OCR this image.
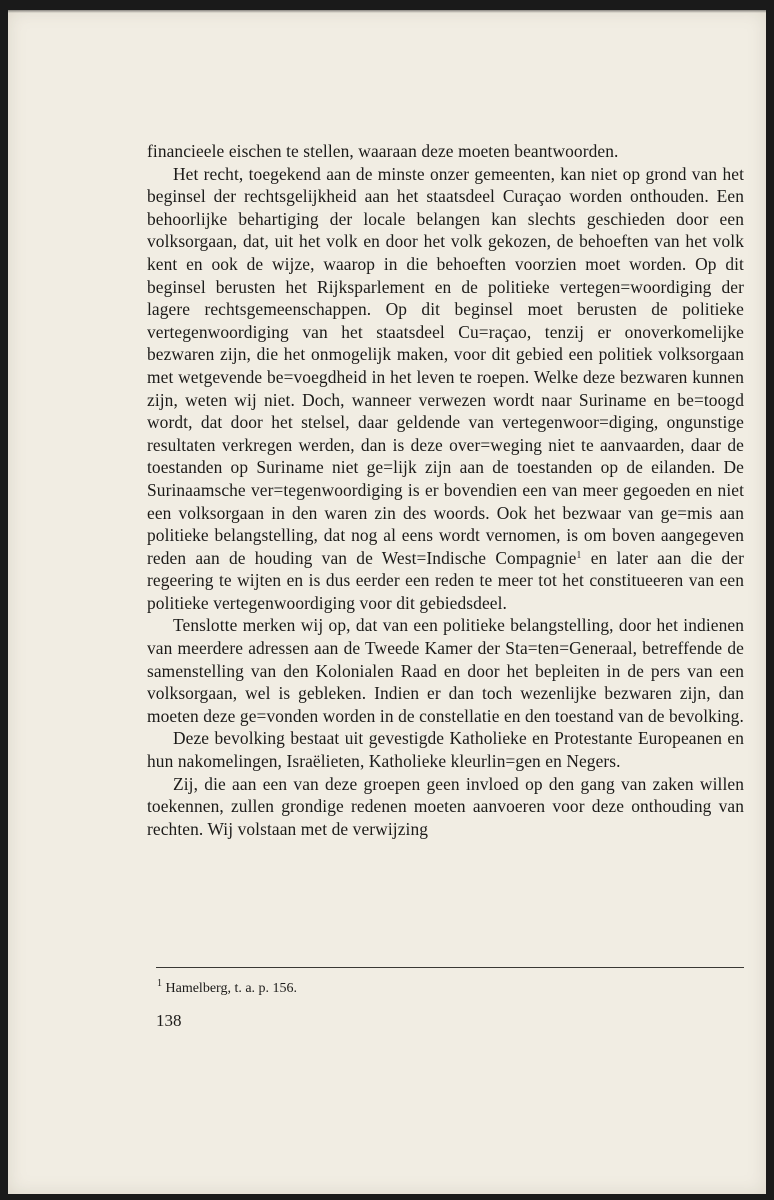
financieele eischen te stellen, waaraan deze moeten beantwoorden.

Het recht, toegekend aan de minste onzer gemeenten, kan niet op grond van het beginsel der rechtsgelijkheid aan het staatsdeel Curaçao worden onthouden. Een behoorlijke behartiging der locale belangen kan slechts geschieden door een volksorgaan, dat, uit het volk en door het volk gekozen, de behoeften van het volk kent en ook de wijze, waarop in die behoeften voorzien moet worden. Op dit beginsel berusten het Rijksparlement en de politieke vertegen=woordiging der lagere rechtsgemeenschappen. Op dit beginsel moet berusten de politieke vertegenwoordiging van het staatsdeel Cu=raçao, tenzij er onoverkomelijke bezwaren zijn, die het onmogelijk maken, voor dit gebied een politiek volksorgaan met wetgevende be=voegdheid in het leven te roepen. Welke deze bezwaren kunnen zijn, weten wij niet. Doch, wanneer verwezen wordt naar Suriname en be=toogd wordt, dat door het stelsel, daar geldende van vertegenwoor=diging, ongunstige resultaten verkregen werden, dan is deze over=weging niet te aanvaarden, daar de toestanden op Suriname niet ge=lijk zijn aan de toestanden op de eilanden. De Surinaamsche ver=tegenwoordiging is er bovendien een van meer gegoeden en niet een volksorgaan in den waren zin des woords. Ook het bezwaar van ge=mis aan politieke belangstelling, dat nog al eens wordt vernomen, is om boven aangegeven reden aan de houding van de West=Indische Compagnie$^1$ en later aan die der regeering te wijten en is dus eerder een reden te meer tot het constitueeren van een politieke vertegenwoordiging voor dit gebiedsdeel.

Tenslotte merken wij op, dat van een politieke belangstelling, door het indienen van meerdere adressen aan de Tweede Kamer der Sta=ten=Generaal, betreffende de samenstelling van den Kolonialen Raad en door het bepleiten in de pers van een volksorgaan, wel is gebleken. Indien er dan toch wezenlijke bezwaren zijn, dan moeten deze ge=vonden worden in de constellatie en den toestand van de bevolking.

Deze bevolking bestaat uit gevestigde Katholieke en Protestante Europeanen en hun nakomelingen, Israëlieten, Katholieke kleurlin=gen en Negers.

Zij, die aan een van deze groepen geen invloed op den gang van zaken willen toekennen, zullen grondige redenen moeten aanvoeren voor deze onthouding van rechten. Wij volstaan met de verwijzing

$^1$ Hamelberg, t. a. p. 156.
138
